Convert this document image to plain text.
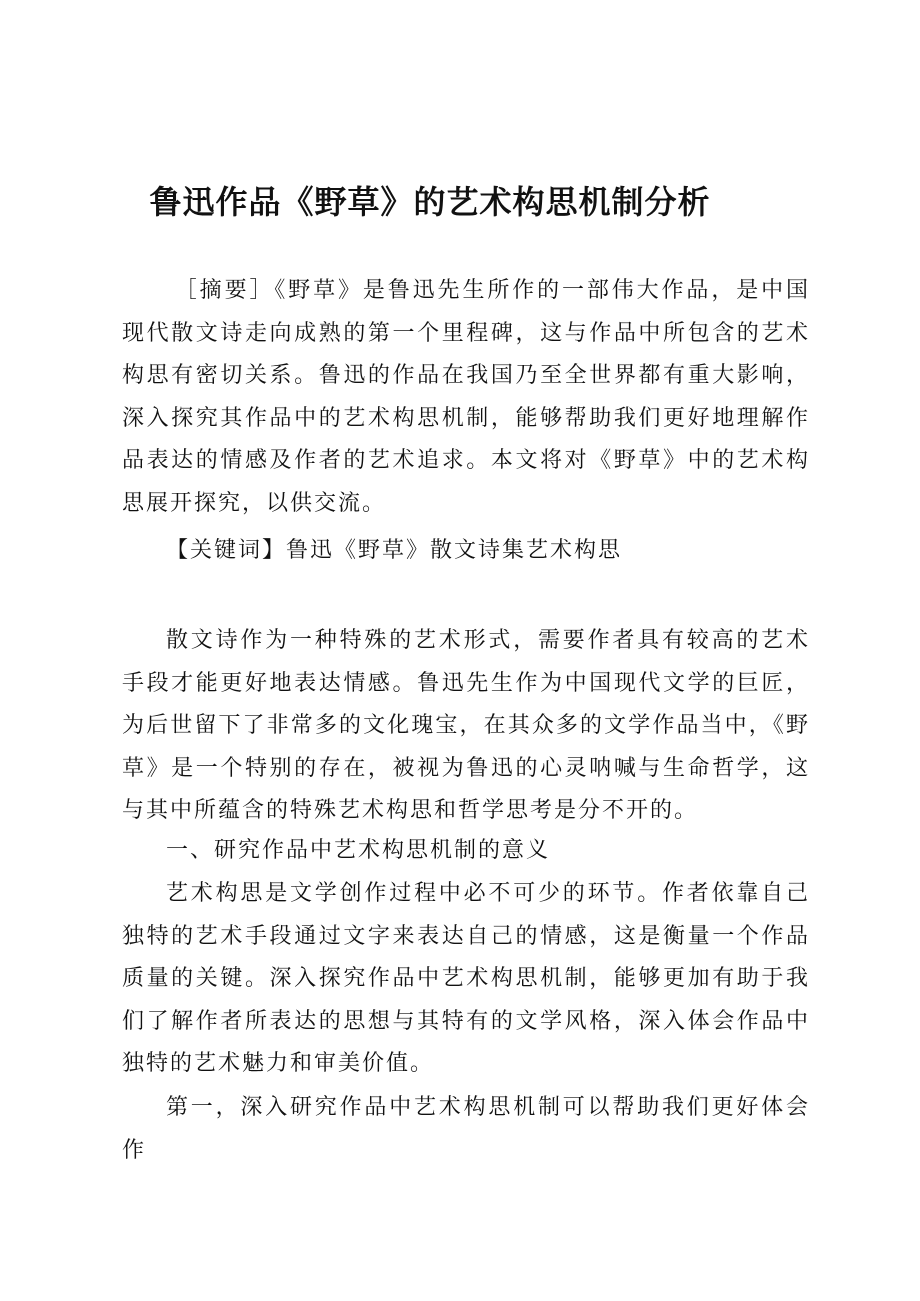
鲁迅作品《野草》的艺术构思机制分析

［摘要］《野草》是鲁迅先生所作的一部伟大作品，是中国现代散文诗走向成熟的第一个里程碑，这与作品中所包含的艺术构思有密切关系。鲁迅的作品在我国乃至全世界都有重大影响，深入探究其作品中的艺术构思机制，能够帮助我们更好地理解作品表达的情感及作者的艺术追求。本文将对《野草》中的艺术构思展开探究，以供交流。

【关键词】鲁迅《野草》散文诗集艺术构思

散文诗作为一种特殊的艺术形式，需要作者具有较高的艺术手段才能更好地表达情感。鲁迅先生作为中国现代文学的巨匠，为后世留下了非常多的文化瑰宝，在其众多的文学作品当中，《野草》是一个特别的存在，被视为鲁迅的心灵呐喊与生命哲学，这与其中所蕴含的特殊艺术构思和哲学思考是分不开的。

一、研究作品中艺术构思机制的意义

艺术构思是文学创作过程中必不可少的环节。作者依靠自己独特的艺术手段通过文字来表达自己的情感，这是衡量一个作品质量的关键。深入探究作品中艺术构思机制，能够更加有助于我们了解作者所表达的思想与其特有的文学风格，深入体会作品中独特的艺术魅力和审美价值。

第一，深入研究作品中艺术构思机制可以帮助我们更好体会作
